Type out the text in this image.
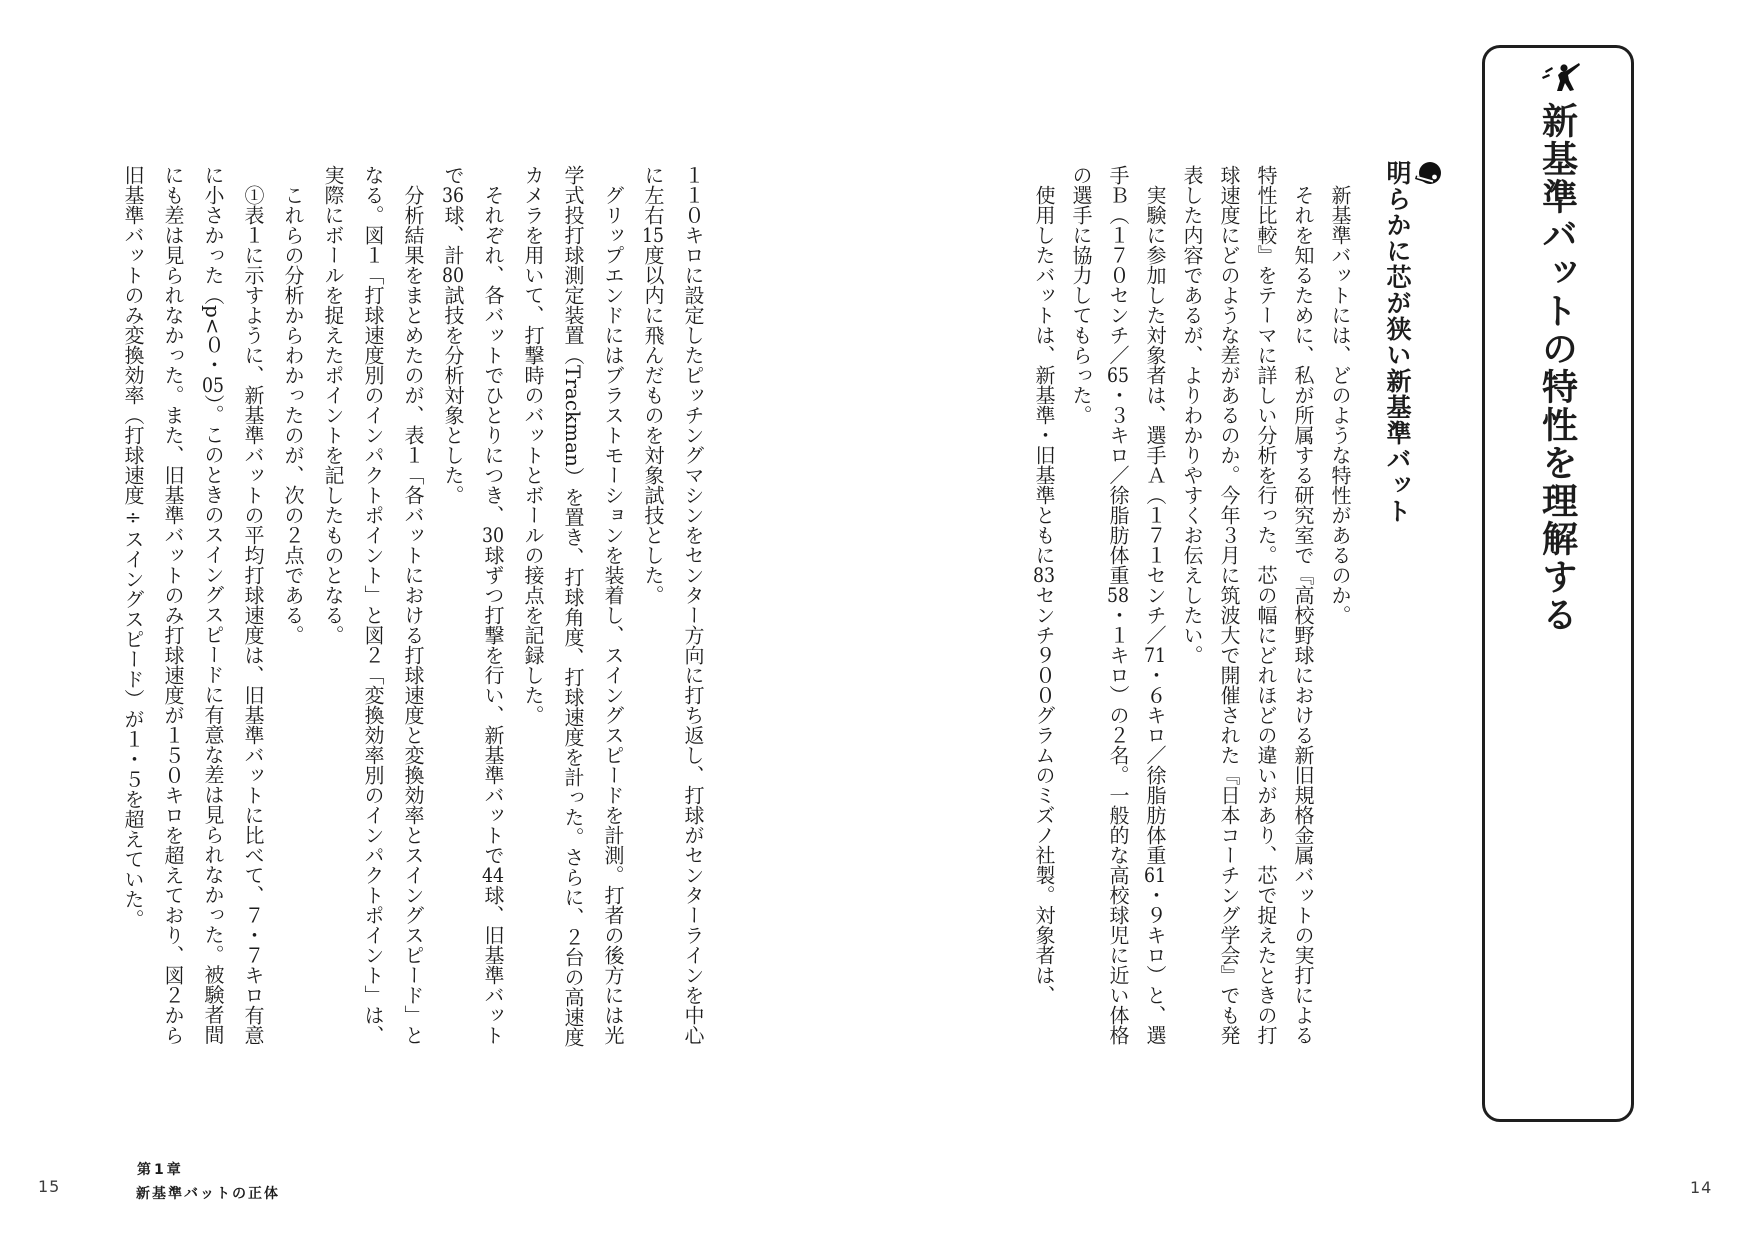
新基準バットの特性を理解する
明らかに芯が狭い新基準バット

新基準バットには、どのような特性があるのか。

それを知るために、私が所属する研究室で『高校野球における新旧規格金属バットの実打による特性比較』をテーマに詳しい分析を行った。芯の幅にどれほどの違いがあり、芯で捉えたときの打球速度にどのような差があるのか。今年３月に筑波大で開催された『日本コーチング学会』でも発表した内容であるが、よりわかりやすくお伝えしたい。

実験に参加した対象者は、選手Ａ（１７１センチ／71・６キロ／徐脂肪体重61・９キロ）と、選手Ｂ（１７０センチ／65・３キロ／徐脂肪体重58・１キロ）の２名。一般的な高校球児に近い体格の選手に協力してもらった。

使用したバットは、新基準・旧基準ともに83センチ９００グラムのミズノ社製。対象者は、

１１０キロに設定したピッチングマシンをセンター方向に打ち返し、打球がセンターラインを中心に左右15度以内に飛んだものを対象試技とした。

グリップエンドにはブラストモーションを装着し、スイングスピードを計測。打者の後方には光学式投打球測定装置（Trackman）を置き、打球角度、打球速度を計った。さらに、２台の高速度カメラを用いて、打撃時のバットとボールの接点を記録した。

それぞれ、各バットでひとりにつき、30球ずつ打撃を行い、新基準バットで44球、旧基準バットで36球、計80試技を分析対象とした。

分析結果をまとめたのが、表１「各バットにおける打球速度と変換効率とスイングスピード」となる。図１「打球速度別のインパクトポイント」と図２「変換効率別のインパクトポイント」は、実際にボールを捉えたポイントを記したものとなる。

これらの分析からわかったのが、次の２点である。

①表１に示すように、新基準バットの平均打球速度は、旧基準バットに比べて、７・７キロ有意に小さかった（p<０・05）。このときのスイングスピードに有意な差は見られなかった。被験者間にも差は見られなかった。また、旧基準バットのみ打球速度が１５０キロを超えており、図２から旧基準バットのみ変換効率（打球速度÷スイングスピード）が１・５を超えていた。

第1章
新基準バットの正体
15	14
